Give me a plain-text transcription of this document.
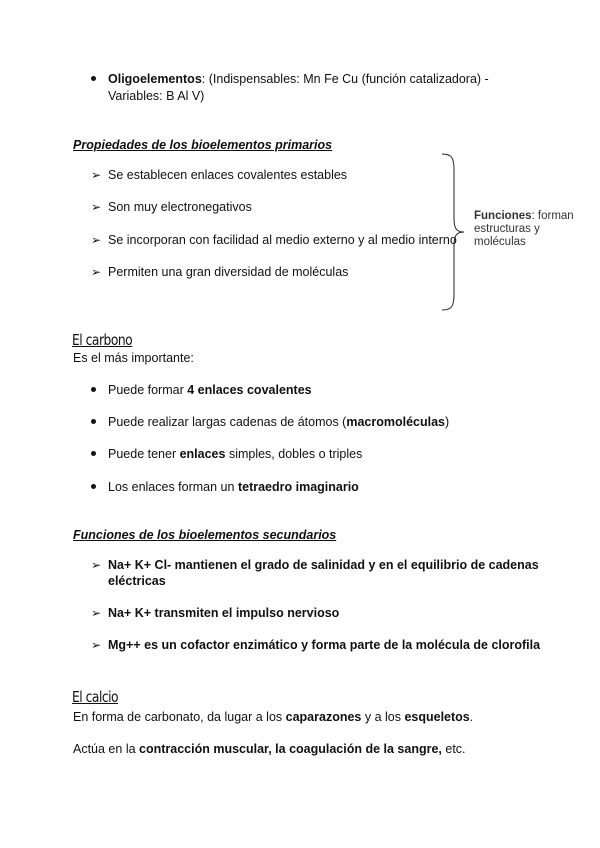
Oligoelementos: (Indispensables: Mn Fe Cu (función catalizadora) -
Variables: B Al V)
Propiedades de los bioelementos primarios
➢ Se establecen enlaces covalentes estables
➢ Son muy electronegativos
➢ Se incorporan con facilidad al medio externo y al medio interno
➢ Permiten una gran diversidad de moléculas
Funciones: forman
estructuras y
moléculas
El carbono
Es el más importante:
Puede formar 4 enlaces covalentes
Puede realizar largas cadenas de átomos (macromoléculas)
Puede tener enlaces simples, dobles o triples
Los enlaces forman un tetraedro imaginario
Funciones de los bioelementos secundarios
➢ Na+ K+ Cl- mantienen el grado de salinidad y en el equilibrio de cadenas
eléctricas
➢ Na+ K+ transmiten el impulso nervioso
➢ Mg++ es un cofactor enzimático y forma parte de la molécula de clorofila
El calcio
En forma de carbonato, da lugar a los caparazones y a los esqueletos.
Actúa en la contracción muscular, la coagulación de la sangre, etc.
